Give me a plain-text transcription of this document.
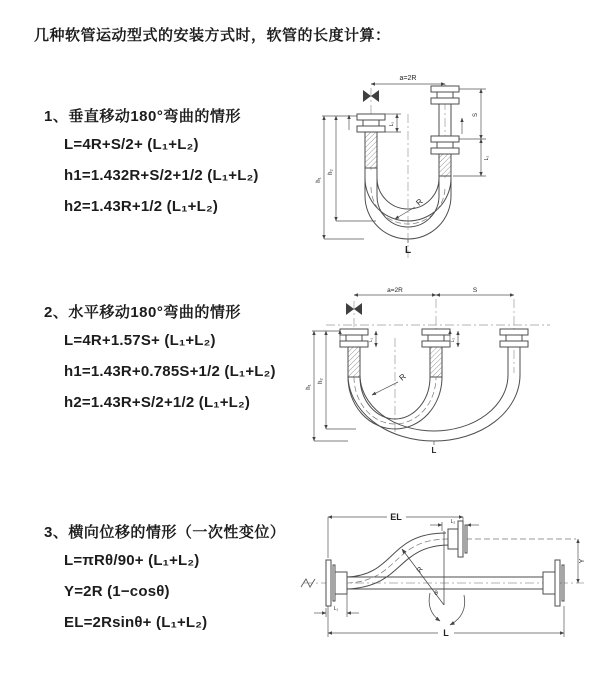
几种软管运动型式的安装方式时，软管的长度计算：
1、垂直移动180°弯曲的情形
L=4R+S/2+ (L₁+L₂)
h1=1.432R+S/2+1/2 (L₁+L₂)
h2=1.43R+1/2 (L₁+L₂)
2、水平移动180°弯曲的情形
L=4R+1.57S+ (L₁+L₂)
h1=1.43R+0.785S+1/2 (L₁+L₂)
h2=1.43R+S/2+1/2 (L₁+L₂)
3、横向位移的情形（一次性变位）
L=πRθ/90+ (L₁+L₂)
Y=2R (1−cosθ)
EL=2Rsinθ+ (L₁+L₂)
a=2R
R
h₁
h₂
S
L₂
L₁
L
a=2R	S
R
h₁
h₂
L₁	L₂
L
EL	L₂
Y
R
θ
L₁
L
